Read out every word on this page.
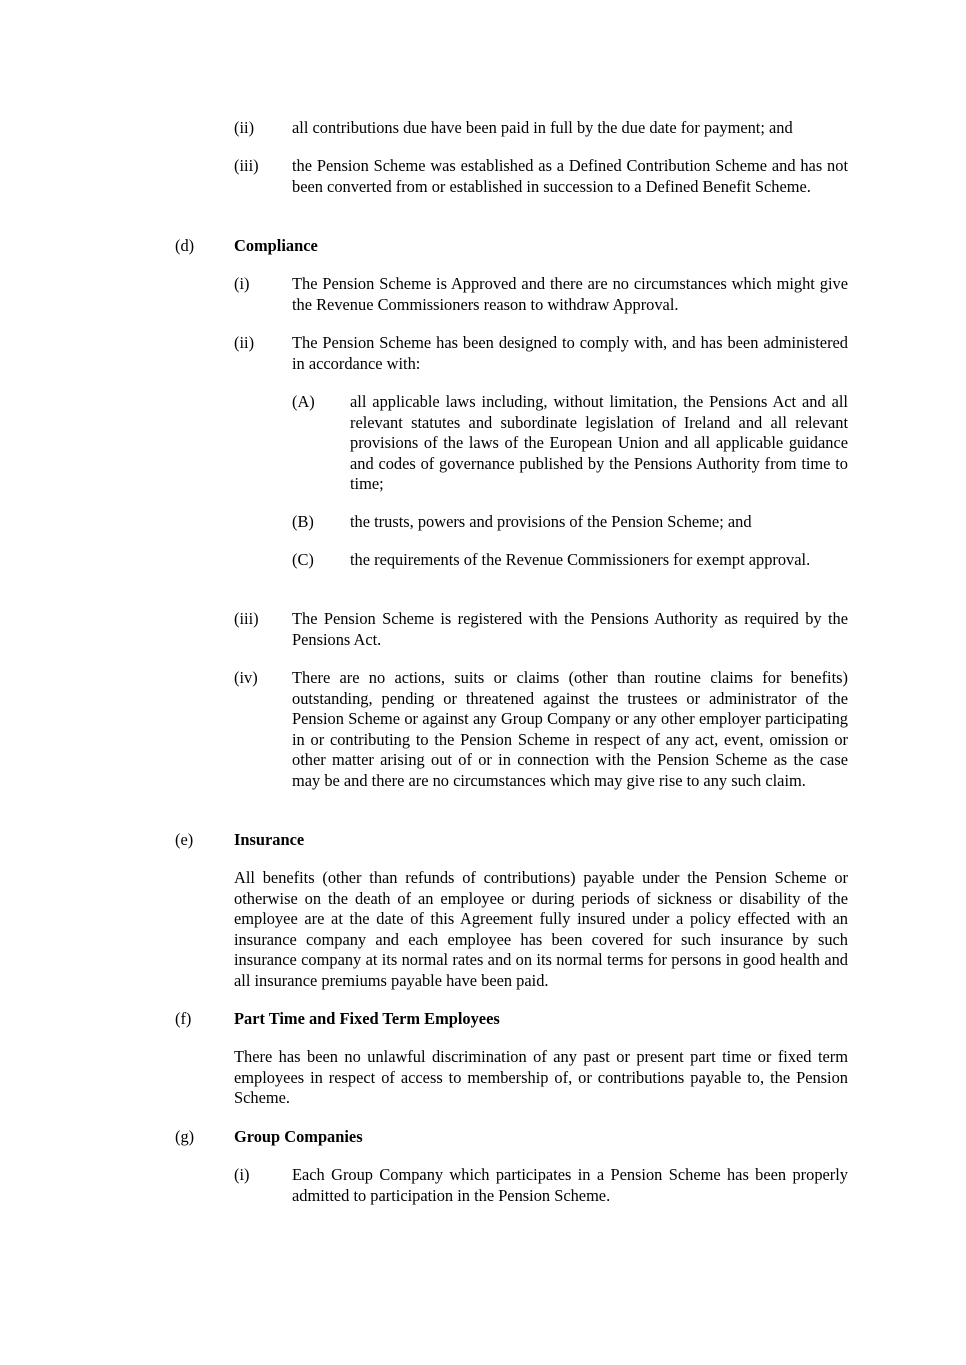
(ii) all contributions due have been paid in full by the due date for payment; and
(iii) the Pension Scheme was established as a Defined Contribution Scheme and has not been converted from or established in succession to a Defined Benefit Scheme.
(d) Compliance
(i)	The Pension Scheme is Approved and there are no circumstances which might give the Revenue Commissioners reason to withdraw Approval.
(ii) The Pension Scheme has been designed to comply with, and has been administered in accordance with:
(A) all applicable laws including, without limitation, the Pensions Act and all relevant statutes and subordinate legislation of Ireland and all relevant provisions of the laws of the European Union and all applicable guidance and codes of governance published by the Pensions Authority from time to time;
(B) the trusts, powers and provisions of the Pension Scheme; and
(C) the requirements of the Revenue Commissioners for exempt approval.
(iii) The Pension Scheme is registered with the Pensions Authority as required by the Pensions Act.
(iv) There are no actions, suits or claims (other than routine claims for benefits) outstanding, pending or threatened against the trustees or administrator of the Pension Scheme or against any Group Company or any other employer participating in or contributing to the Pension Scheme in respect of any act, event, omission or other matter arising out of or in connection with the Pension Scheme as the case may be and there are no circumstances which may give rise to any such claim.
(e) Insurance
All benefits (other than refunds of contributions) payable under the Pension Scheme or otherwise on the death of an employee or during periods of sickness or disability of the employee are at the date of this Agreement fully insured under a policy effected with an insurance company and each employee has been covered for such insurance by such insurance company at its normal rates and on its normal terms for persons in good health and all insurance premiums payable have been paid.
(f)	Part Time and Fixed Term Employees
There has been no unlawful discrimination of any past or present part time or fixed term employees in respect of access to membership of, or contributions payable to, the Pension Scheme.
(g) Group Companies
(i)	Each Group Company which participates in a Pension Scheme has been properly admitted to participation in the Pension Scheme.
